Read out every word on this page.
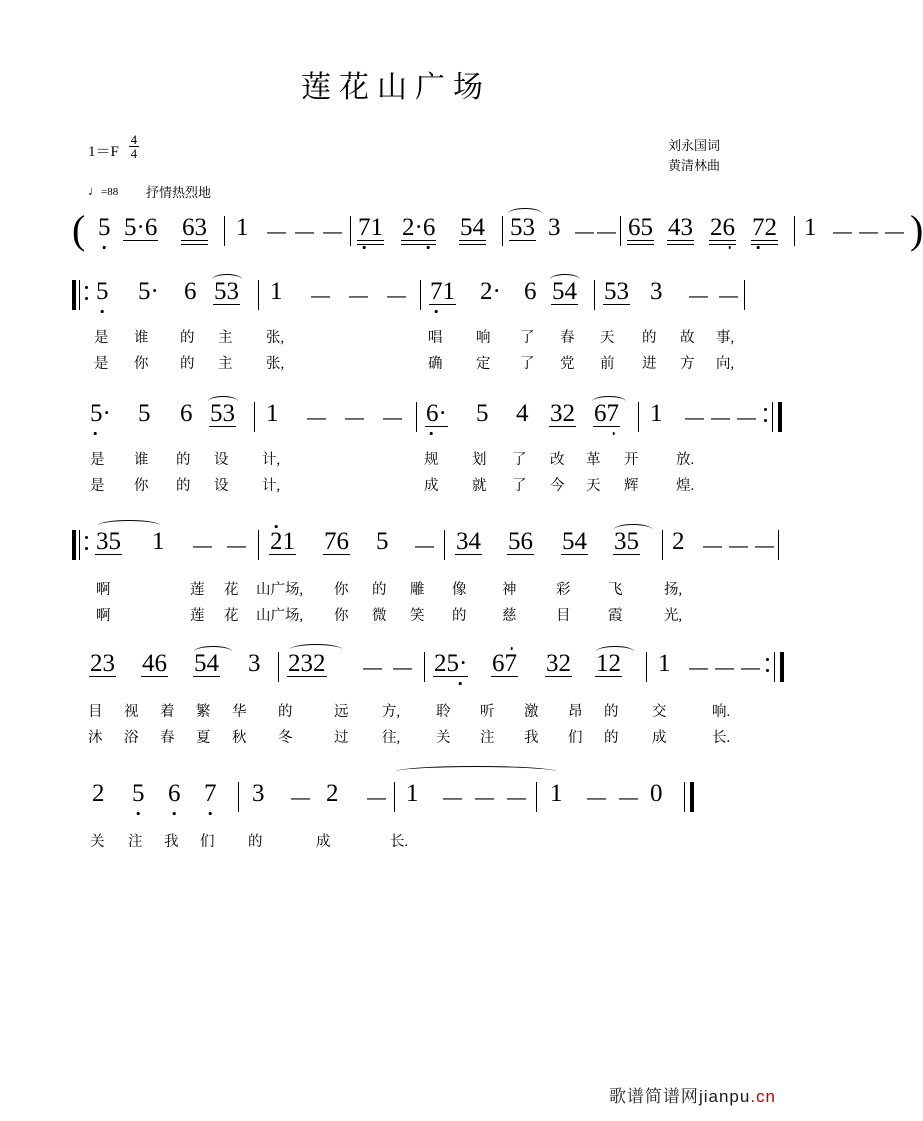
莲花山广场
$1=F \frac{4}{4}$	刘永国词
黄清林曲
♩=88 抒情热烈地
( 5 5·6 63 1 － － － 71 2·6 54 53 3 －
－ 65 43 26 72 1 － － － )
5 5· 6 53 1 － － － 71 2· 6 54 53 3 － －
是 谁 的 主 张,	唱 响 了 春 天 的 故 事,
是 你 的 主 张,	确 定 了 党 前 进 方 向,
5· 5 6 53 1 － － － 6· 5 4 32 67 1 － － －
是 谁 的 设 计,	规 划 了 改 革 开	放.
是 你 的 设 计,	成 就 了 今 天 辉	煌.
35 1 － － 21 76 5 － 34 56 54 35 2 － － －
啊	莲 花 山广场, 你 的 雕 像 神	彩	飞	扬,
啊	莲 花 山广场, 你 微 笑 的 慈	目	霞	光,
23 46 54 3 232 － － 25· 67 32 12 1 － － －
目 视 着 繁 华 的	远 方, 聆 听 激 昂 的 交	响.
沐 浴 春 夏 秋 冬	过 往, 关 注 我 们 的 成	长.
2 5 6 7 3 － 2 － 1 － － － 1 － － 0
关 注 我 们 的	成	长.
歌谱简谱网jianpu.cn
